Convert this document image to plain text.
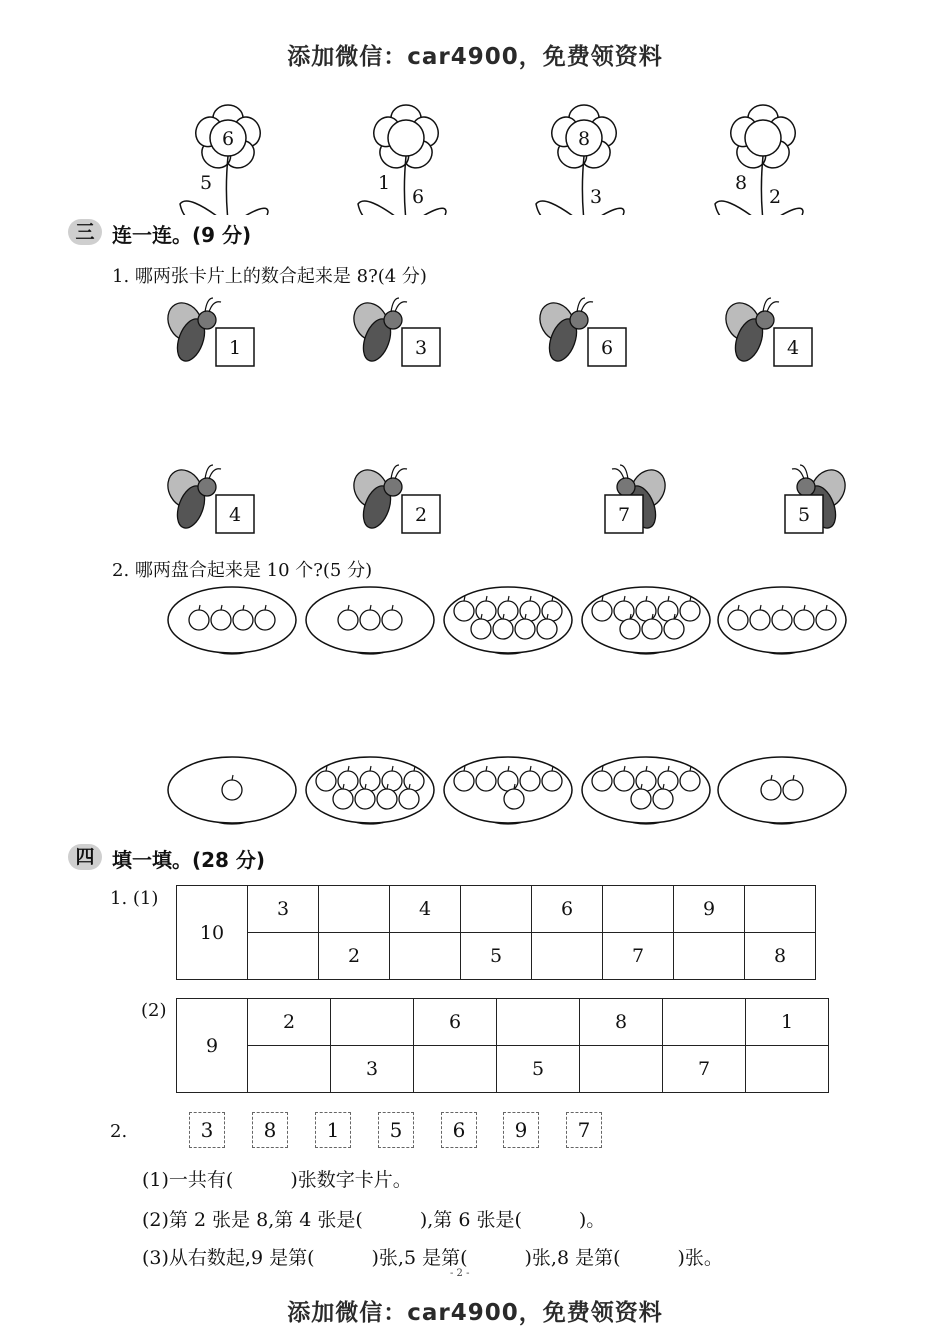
添加微信：car4900，免费领资料
添加微信：car4900，免费领资料
6
5	1
6
8
3
8
2
三 连一连。(9 分)
1. 哪两张卡片上的数合起来是 8?(4 分)
1	3	6	4
4	2	7	5
2. 哪两盘合起来是 10 个?(5 分)
四 填一填。(28 分)
1. (1)
10	3		4		6		9	
		2		5		7		8
(2)
9	2		6		8		1
		3		5		7	
2.	3	8	1	5	6	9	7
(1)一共有(　　　)张数字卡片。
(2)第 2 张是 8,第 4 张是(　　　),第 6 张是(　　　)。
(3)从右数起,9 是第(　　　)张,5 是第(　　　)张,8 是第(　　　)张。
- 2 -
